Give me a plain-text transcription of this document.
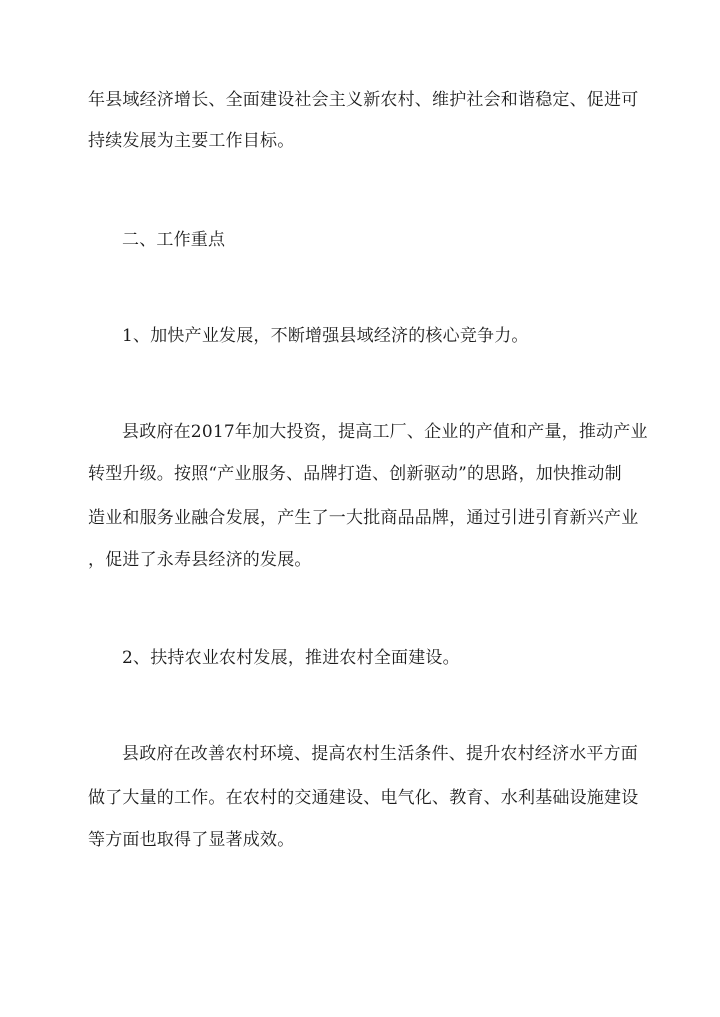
年县域经济增长、全面建设社会主义新农村、维护社会和谐稳定、促进可
持续发展为主要工作目标。
二、工作重点
1、加快产业发展，不断增强县域经济的核心竞争力。
县政府在2017年加大投资，提高工厂、企业的产值和产量，推动产业
转型升级。按照“产业服务、品牌打造、创新驱动”的思路，加快推动制
造业和服务业融合发展，产生了一大批商品品牌，通过引进引育新兴产业
，促进了永寿县经济的发展。
2、扶持农业农村发展，推进农村全面建设。
县政府在改善农村环境、提高农村生活条件、提升农村经济水平方面
做了大量的工作。在农村的交通建设、电气化、教育、水利基础设施建设
等方面也取得了显著成效。
